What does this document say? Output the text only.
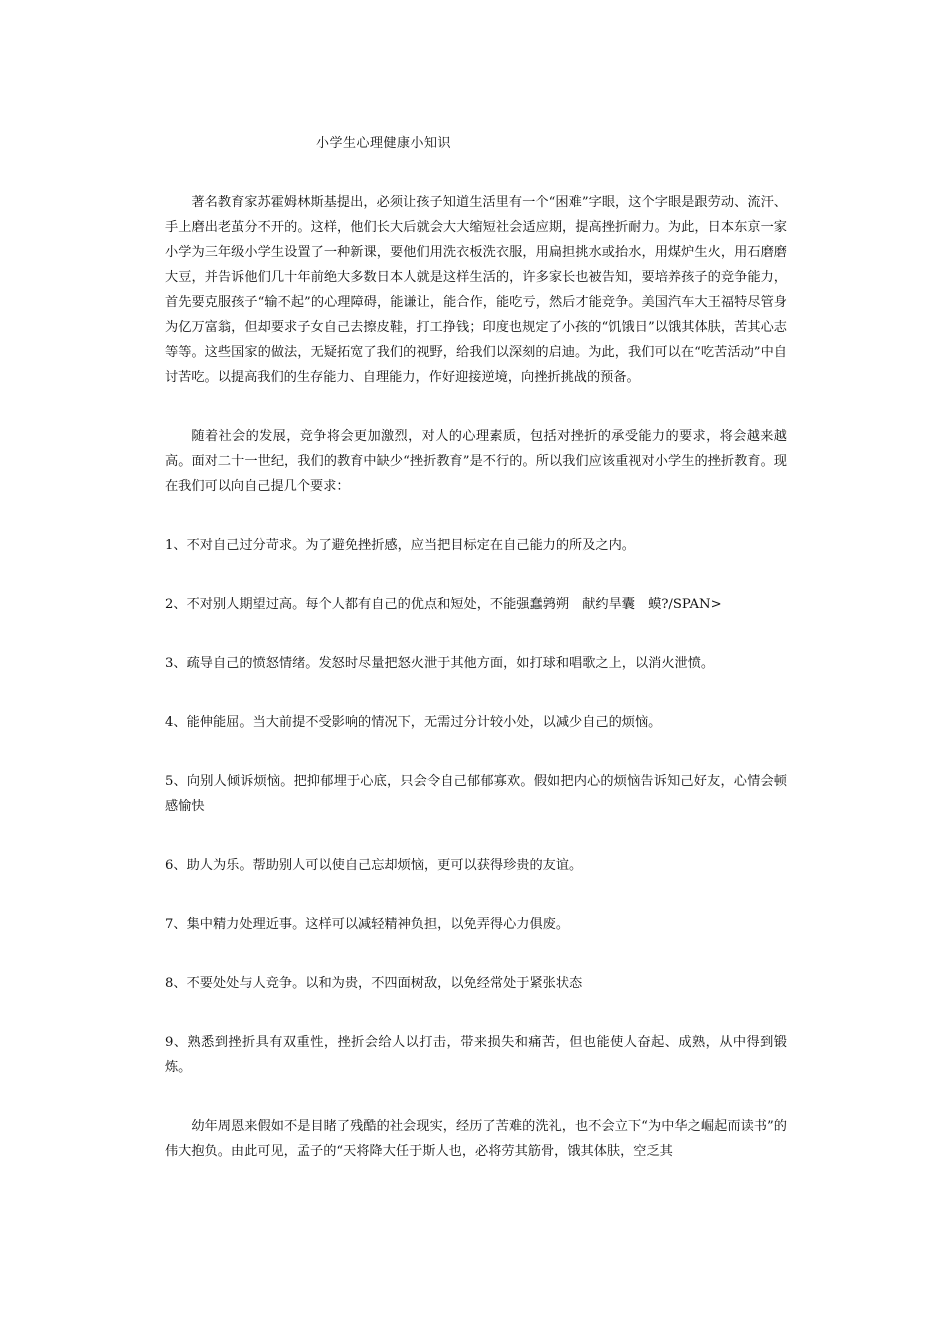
小学生心理健康小知识

著名教育家苏霍姆林斯基提出，必须让孩子知道生活里有一个“困难”字眼，这个字眼是跟劳动、流汗、手上磨出老茧分不开的。这样，他们长大后就会大大缩短社会适应期，提高挫折耐力。为此，日本东京一家小学为三年级小学生设置了一种新课，要他们用洗衣板洗衣服，用扁担挑水或抬水，用煤炉生火，用石磨磨大豆，并告诉他们几十年前绝大多数日本人就是这样生活的，许多家长也被告知，要培养孩子的竞争能力，首先要克服孩子“输不起”的心理障碍，能谦让，能合作，能吃亏，然后才能竞争。美国汽车大王福特尽管身为亿万富翁，但却要求子女自己去擦皮鞋，打工挣钱；印度也规定了小孩的“饥饿日”以饿其体肤，苦其心志等等。这些国家的做法，无疑拓宽了我们的视野，给我们以深刻的启迪。为此，我们可以在“吃苦活动”中自讨苦吃。以提高我们的生存能力、自理能力，作好迎接逆境，向挫折挑战的预备。

随着社会的发展，竞争将会更加激烈，对人的心理素质，包括对挫折的承受能力的要求，将会越来越高。面对二十一世纪，我们的教育中缺少“挫折教育”是不行的。所以我们应该重视对小学生的挫折教育。现在我们可以向自己提几个要求：

1、不对自己过分苛求。为了避免挫折感，应当把目标定在自己能力的所及之内。

2、不对别人期望过高。每个人都有自己的优点和短处，不能强蠢鹑朔　献约旱囊　蟆?/SPAN>

3、疏导自己的愤怒情绪。发怒时尽量把怒火泄于其他方面，如打球和唱歌之上，以消火泄愤。

4、能伸能屈。当大前提不受影响的情况下，无需过分计较小处，以减少自己的烦恼。

5、向别人倾诉烦恼。把抑郁埋于心底，只会令自己郁郁寡欢。假如把内心的烦恼告诉知己好友，心情会顿感愉快

6、助人为乐。帮助别人可以使自己忘却烦恼，更可以获得珍贵的友谊。

7、集中精力处理近事。这样可以减轻精神负担，以免弄得心力俱废。

8、不要处处与人竞争。以和为贵，不四面树敌，以免经常处于紧张状态

9、熟悉到挫折具有双重性，挫折会给人以打击，带来损失和痛苦，但也能使人奋起、成熟，从中得到锻炼。

幼年周恩来假如不是目睹了残酷的社会现实，经历了苦难的洗礼，也不会立下“为中华之崛起而读书”的伟大抱负。由此可见，孟子的“天将降大任于斯人也，必将劳其筋骨，饿其体肤，空乏其
